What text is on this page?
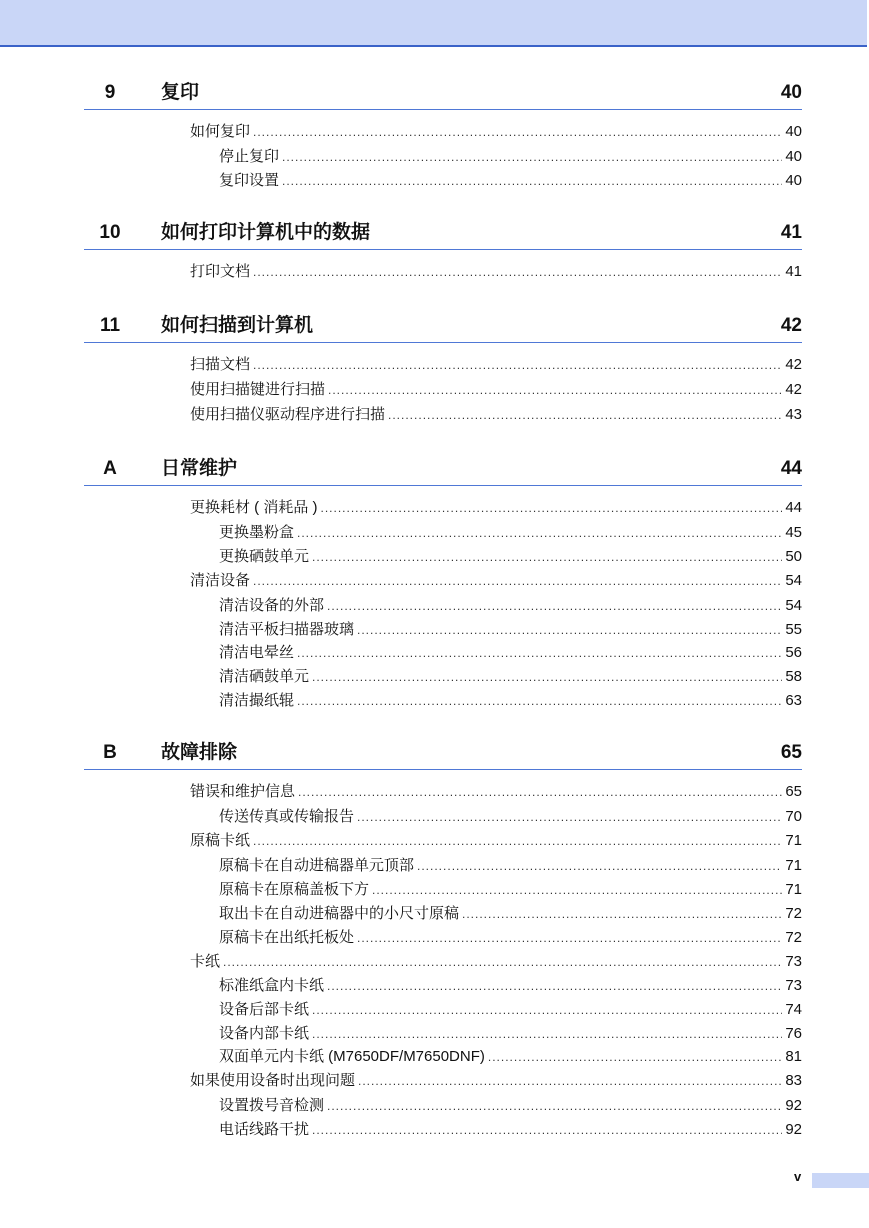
9	复印	40
如何复印 .....	40
停止复印 .....	40
复印设置 .....	40
10	如何打印计算机中的数据	41
打印文档 .....	41
11	如何扫描到计算机	42
扫描文档 .....	42
使用扫描键进行扫描 .....	42
使用扫描仪驱动程序进行扫描 .....	43
A	日常维护	44
更换耗材 ( 消耗品 ) .....	44
更换墨粉盒 .....	45
更换硒鼓单元 .....	50
清洁设备 .....	54
清洁设备的外部 .....	54
清洁平板扫描器玻璃 .....	55
清洁电晕丝 .....	56
清洁硒鼓单元 .....	58
清洁撮纸辊 .....	63
B	故障排除	65
错误和维护信息 .....	65
传送传真或传输报告 .....	70
原稿卡纸 .....	71
原稿卡在自动进稿器单元顶部 .....	71
原稿卡在原稿盖板下方 .....	71
取出卡在自动进稿器中的小尺寸原稿 .....	72
原稿卡在出纸托板处 .....	72
卡纸 .....	73
标准纸盒内卡纸 .....	73
设备后部卡纸 .....	74
设备内部卡纸 .....	76
双面单元内卡纸 (M7650DF/M7650DNF) .....	81
如果使用设备时出现问题 .....	83
设置拨号音检测 .....	92
电话线路干扰 .....	92
v
